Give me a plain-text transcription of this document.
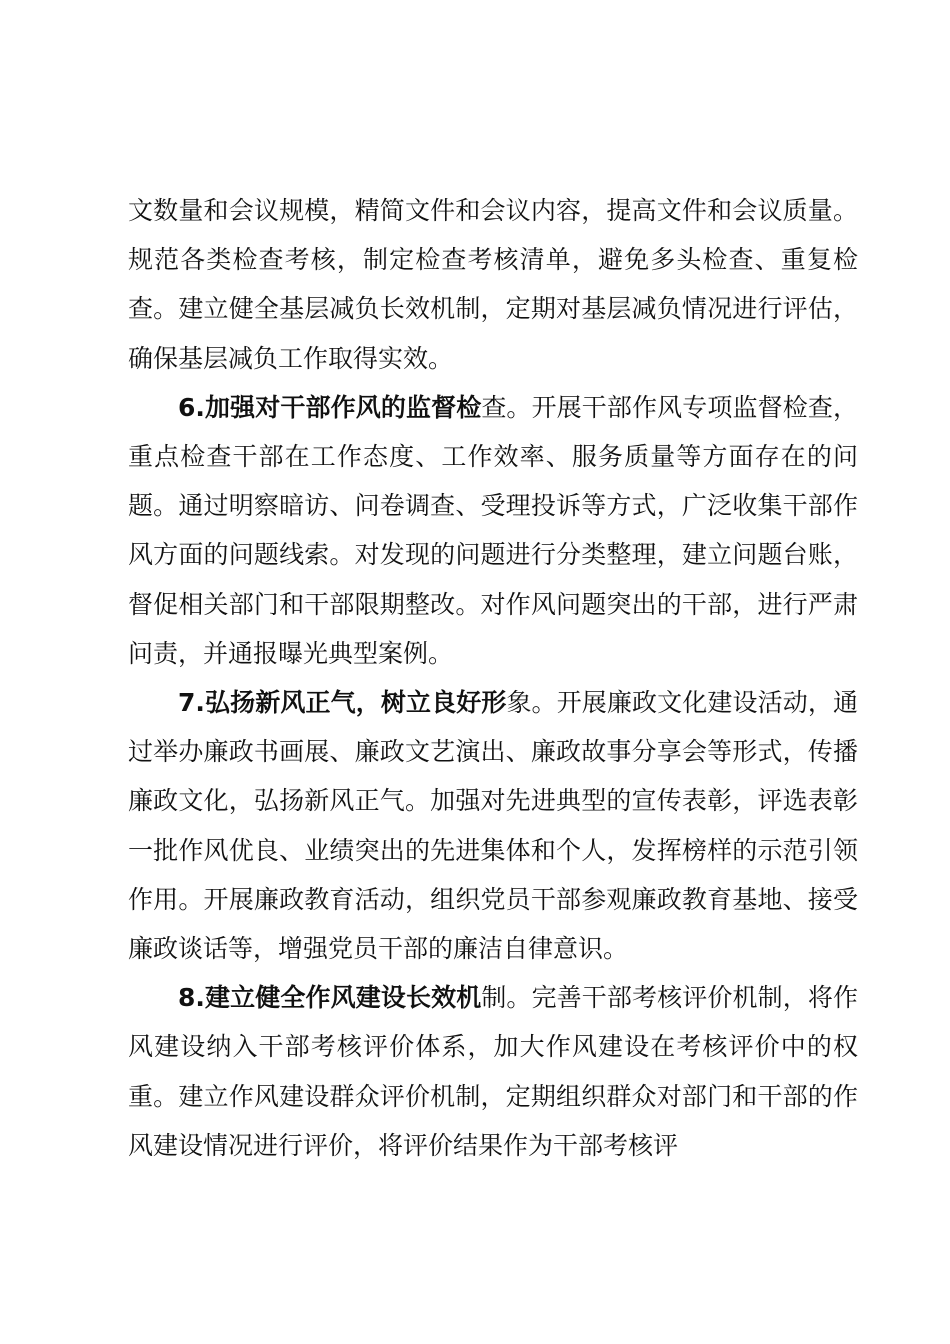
文数量和会议规模，精简文件和会议内容，提高文件和会议质量。规范各类检查考核，制定检查考核清单，避免多头检查、重复检查。建立健全基层减负长效机制，定期对基层减负情况进行评估，确保基层减负工作取得实效。

6.加强对干部作风的监督检查。开展干部作风专项监督检查，重点检查干部在工作态度、工作效率、服务质量等方面存在的问题。通过明察暗访、问卷调查、受理投诉等方式，广泛收集干部作风方面的问题线索。对发现的问题进行分类整理，建立问题台账，督促相关部门和干部限期整改。对作风问题突出的干部，进行严肃问责，并通报曝光典型案例。

7.弘扬新风正气，树立良好形象。开展廉政文化建设活动，通过举办廉政书画展、廉政文艺演出、廉政故事分享会等形式，传播廉政文化，弘扬新风正气。加强对先进典型的宣传表彰，评选表彰一批作风优良、业绩突出的先进集体和个人，发挥榜样的示范引领作用。开展廉政教育活动，组织党员干部参观廉政教育基地、接受廉政谈话等，增强党员干部的廉洁自律意识。

8.建立健全作风建设长效机制。完善干部考核评价机制，将作风建设纳入干部考核评价体系，加大作风建设在考核评价中的权重。建立作风建设群众评价机制，定期组织群众对部门和干部的作风建设情况进行评价，将评价结果作为干部考核评
